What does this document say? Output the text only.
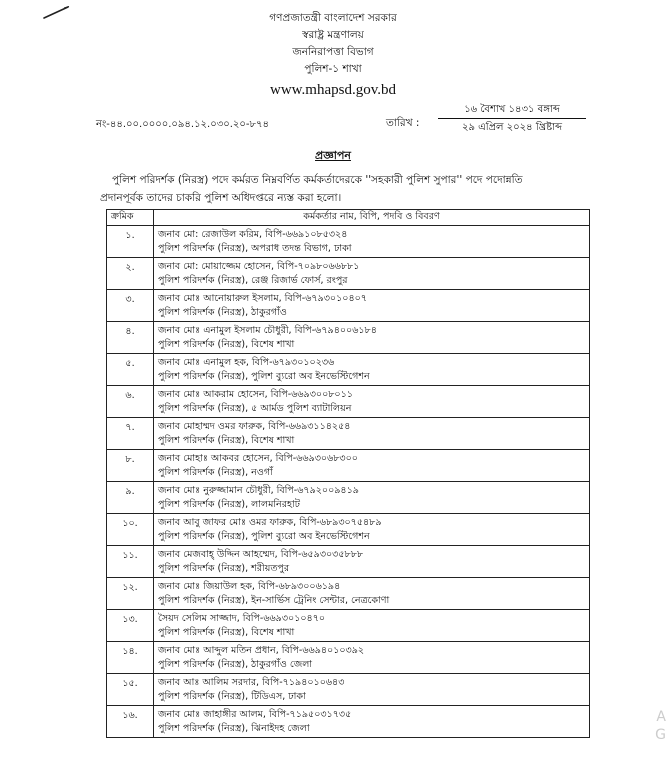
গণপ্রজাতন্ত্রী বাংলাদেশ সরকার
স্বরাষ্ট্র মন্ত্রণালয়
জননিরাপত্তা বিভাগ
পুলিশ-১ শাখা
www.mhapsd.gov.bd
নং-৪৪.০০.০০০০.০৯৪.১২.০৩০.২০-৮৭৪	তারিখ :
১৬ বৈশাখ ১৪৩১ বঙ্গাব্দ
২৯ এপ্রিল ২০২৪ খ্রিষ্টাব্দ
প্রজ্ঞাপন
পুলিশ পরিদর্শক (নিরস্ত্র) পদে কর্মরত নিম্নবর্ণিত কর্মকর্তাদেরকে ''সহকারী পুলিশ সুপার'' পদে পদোন্নতি
প্রদানপূর্বক তাদের চাকরি পুলিশ অধিদপ্তরে ন্যস্ত করা হলো।
ক্রমিক	কর্মকর্তার নাম, বিপি, পদবি ও বিবরণ
১.	জনাব মো: রেজাউল করিম, বিপি-৬৬৯১০৮৫৩২৪
পুলিশ পরিদর্শক (নিরস্ত্র), অপরাধ তদন্ত বিভাগ, ঢাকা

২.	জনাব মো: মোয়াজ্জেম হোসেন, বিপি-৭০৯৮০৬৬৮৮১
পুলিশ পরিদর্শক (নিরস্ত্র), রেঞ্জ রিজার্ভ ফোর্স, রংপুর

৩.	জনাব মোঃ আনোয়ারুল ইসলাম, বিপি-৬৭৯৩০১০৪০৭
পুলিশ পরিদর্শক (নিরস্ত্র), ঠাকুরগাঁও

৪.	জনাব মোঃ এনামুল ইসলাম চৌধুরী, বিপি-৬৭৯৪০০৬১৮৪
পুলিশ পরিদর্শক (নিরস্ত্র), বিশেষ শাখা

৫.	জনাব মোঃ এনামুল হক, বিপি-৬৭৯৩০১০২৩৬
পুলিশ পরিদর্শক (নিরস্ত্র), পুলিশ ব্যুরো অব ইনভেস্টিগেশন

৬.	জনাব মোঃ আকরাম হোসেন, বিপি-৬৬৯৩০০৮০১১
পুলিশ পরিদর্শক (নিরস্ত্র), ৫ আর্মড পুলিশ ব্যাটালিয়ন

৭.	জনাব মোহাম্মদ ওমর ফারুক, বিপি-৬৬৯৩১১৪২৫৪
পুলিশ পরিদর্শক (নিরস্ত্র), বিশেষ শাখা

৮.	জনাব মোহাঃ আকবর হোসেন, বিপি-৬৬৯৩০৬৮৩০০
পুলিশ পরিদর্শক (নিরস্ত্র), নওগাঁ

৯.	জনাব মোঃ নুরুজ্জামান চৌধুরী, বিপি-৬৭৯২০০৯৪১৯
পুলিশ পরিদর্শক (নিরস্ত্র), লালমনিরহাট

১০.	জনাব আবু জাফর মোঃ ওমর ফারুক, বিপি-৬৮৯৩০৭৫৪৮৯
পুলিশ পরিদর্শক (নিরস্ত্র), পুলিশ ব্যুরো অব ইনভেস্টিগেশন

১১.	জনাব মেজবাহ্ উদ্দিন আহম্মেদ, বিপি-৬৫৯৩০৩৫৮৮৮
পুলিশ পরিদর্শক (নিরস্ত্র), শরীয়তপুর

১২.	জনাব মোঃ জিয়াউল হক, বিপি-৬৮৯৩০০৬১৯৪
পুলিশ পরিদর্শক (নিরস্ত্র), ইন-সার্ভিস ট্রেনিং সেন্টার, নেত্রকোণা

১৩.	সৈয়দ সেলিম সাজ্জাদ, বিপি-৬৬৯৩০১০৪৭০
পুলিশ পরিদর্শক (নিরস্ত্র), বিশেষ শাখা

১৪.	জনাব মোঃ আব্দুল মতিন প্রধান, বিপি-৬৬৯৪০১০৩৯২
পুলিশ পরিদর্শক (নিরস্ত্র), ঠাকুরগাঁও জেলা

১৫.	জনাব আঃ আলিম সরদার, বিপি-৭১৯৪০১০৬৪৩
পুলিশ পরিদর্শক (নিরস্ত্র), টিডিএস, ঢাকা

১৬.	জনাব মোঃ জাহাঙ্গীর আলম, বিপি-৭১৯৫০৩১৭৩৫
পুলিশ পরিদর্শক (নিরস্ত্র), ঝিনাইদহ জেলা
A
G
